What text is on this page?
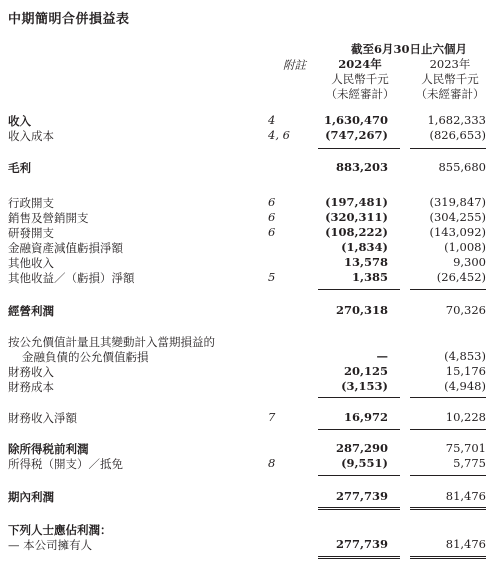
中期簡明合併損益表
截至6月30日止六個月
附註	2024年
人民幣千元
（未經審計）
2023年
人民幣千元
（未經審計）
收入	4	1,630,470	1,682,333
收入成本	4, 6	(747,267)	(826,653)
毛利	883,203	855,680
行政開支	6	(197,481)	(319,847)
銷售及營銷開支	6	(320,311)	(304,255)
研發開支	6	(108,222)	(143,092)
金融資產減值虧損淨額	(1,834)	(1,008)
其他收入	13,578	9,300
其他收益／（虧損）淨額	5	1,385	(26,452)
經營利潤	270,318	70,326
按公允價值計量且其變動計入當期損益的
金融負債的公允價值虧損	—	(4,853)
財務收入	20,125	15,176
財務成本	(3,153)	(4,948)
財務收入淨額	7	16,972	10,228
除所得税前利潤	287,290	75,701
所得税（開支）／抵免	8	(9,551)	5,775
期內利潤	277,739	81,476
下列人士應佔利潤：
— 本公司擁有人	277,739	81,476
